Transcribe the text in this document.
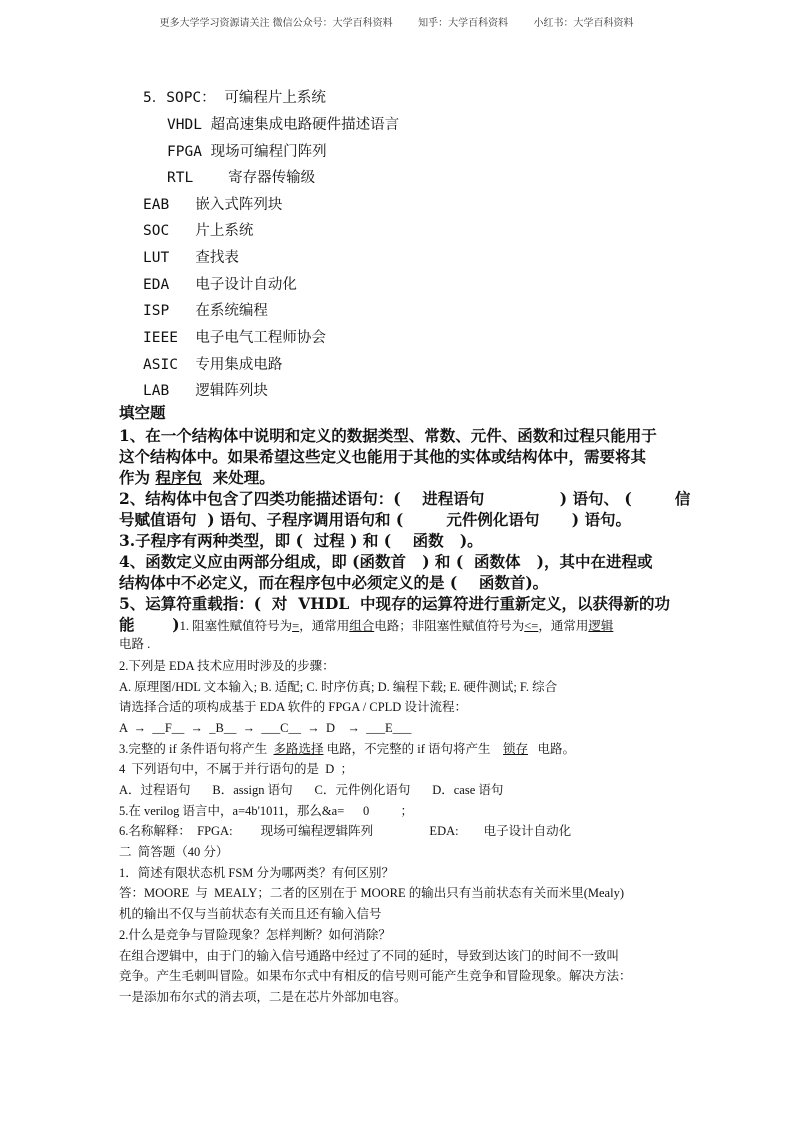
更多大学学习资源请关注 微信公众号：大学百科资料        知乎：大学百科资料        小红书：大学百科资料
5．SOPC： 可编程片上系统
VHDL 超高速集成电路硬件描述语言
FPGA 现场可编程门阵列
RTL    寄存器传输级
EAB 嵌入式阵列块
SOC 片上系统
LUT 查找表
EDA 电子设计自动化
ISP 在系统编程
IEEE 电子电气工程师协会
ASIC 专用集成电路
LAB 逻辑阵列块
填空题
1、在一个结构体中说明和定义的数据类型、常数、元件、函数和过程只能用于
这个结构体中。如果希望这些定义也能用于其他的实体或结构体中，需要将其
作为 程序包  来处理。
2、结构体中包含了四类功能描述语句：(    进程语句              ) 语句、 (        信
号赋值语句  ) 语句、子程序调用语句和 (        元件例化语句      ) 语句。
3.子程序有两种类型，即 (  过程 ) 和 (    函数   )。
4、函数定义应由两部分组成，即 (函数首   ) 和 (  函数体   )，其中在进程或
结构体中不必定义，而在程序包中必须定义的是 (    函数首)。
5、运算符重载指：(  对  VHDL  中现存的运算符进行重新定义，以获得新的功
能       )1. 阻塞性赋值符号为=，通常用组合电路；非阻塞性赋值符号为<=，通常用逻辑
电路 .
2.下列是 EDA 技术应用时涉及的步骤：
A. 原理图/HDL 文本输入; B. 适配; C. 时序仿真; D. 编程下载; E. 硬件测试; F. 综合
请选择合适的项构成基于 EDA 软件的 FPGA / CPLD 设计流程：
A  →  __F__  →  _B__  →  ___C__  →  D    →  ___E___
3.完整的 if 条件语句将产生  多路选择 电路，不完整的 if 语句将产生    锁存   电路。
4  下列语句中，不属于并行语句的是  D  ；
A．过程语句       B．assign 语句       C．元件例化语句       D．case 语句
5.在 verilog 语言中，a=4b'1011，那么&a=      0          ；
6.名称解释：  FPGA:         现场可编程逻辑阵列                  EDA:        电子设计自动化
二  简答题（40 分）
1．简述有限状态机 FSM 分为哪两类？有何区别？
答：MOORE  与  MEALY；二者的区别在于 MOORE 的输出只有当前状态有关而米里(Mealy)
机的输出不仅与当前状态有关而且还有输入信号
2.什么是竞争与冒险现象？怎样判断？如何消除？
在组合逻辑中，由于门的输入信号通路中经过了不同的延时，导致到达该门的时间不一致叫
竞争。产生毛刺叫冒险。如果布尔式中有相反的信号则可能产生竞争和冒险现象。解决方法：
一是添加布尔式的消去项，二是在芯片外部加电容。
